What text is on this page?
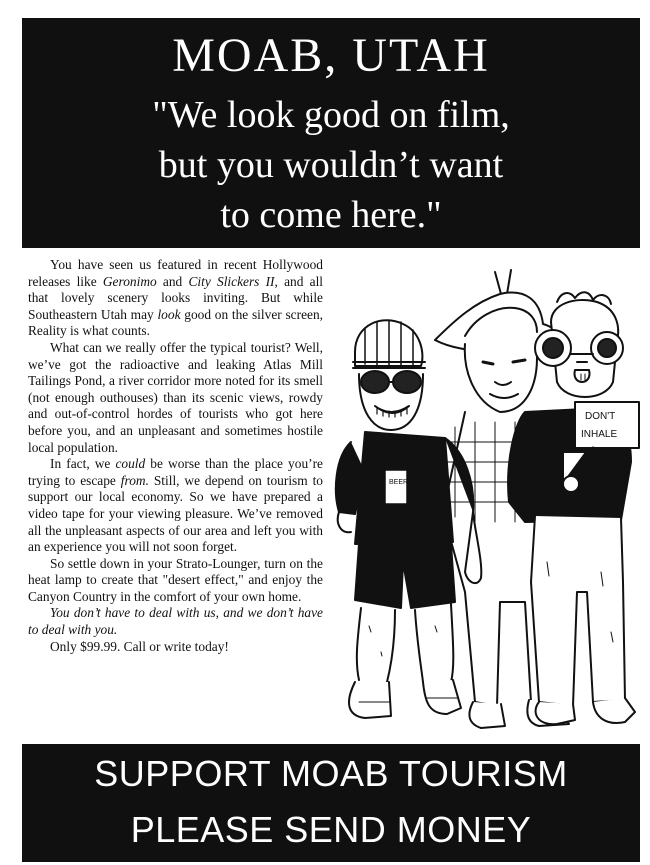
MOAB, UTAH
"We look good on film,
but you wouldn’t want
to come here."

You have seen us featured in recent Hollywood releases like Geronimo and City Slickers II, and all that lovely scenery looks inviting. But while Southeastern Utah may look good on the silver screen, Reality is what counts.

What can we really offer the typical tourist? Well, we’ve got the radioactive and leaking Atlas Mill Tailings Pond, a river corridor more noted for its smell (not enough outhouses) than its scenic views, rowdy and out-of-control hordes of tourists who got here before you, and an unpleasant and sometimes hostile local population.

In fact, we could be worse than the place you’re trying to escape from. Still, we depend on tourism to support our local economy. So we have prepared a video tape for your viewing pleasure. We’ve removed all the unpleasant aspects of our area and left you with an experience you will not soon forget.

So settle down in your Strato-Lounger, turn on the heat lamp to create that "desert effect," and enjoy the Canyon Country in the comfort of your own home.

You don’t have to deal with us, and we don’t have to deal with you.

Only $99.99. Call or write today!

BEER
DON'T
INHALE
SUPPORT MOAB TOURISM
PLEASE SEND MONEY
